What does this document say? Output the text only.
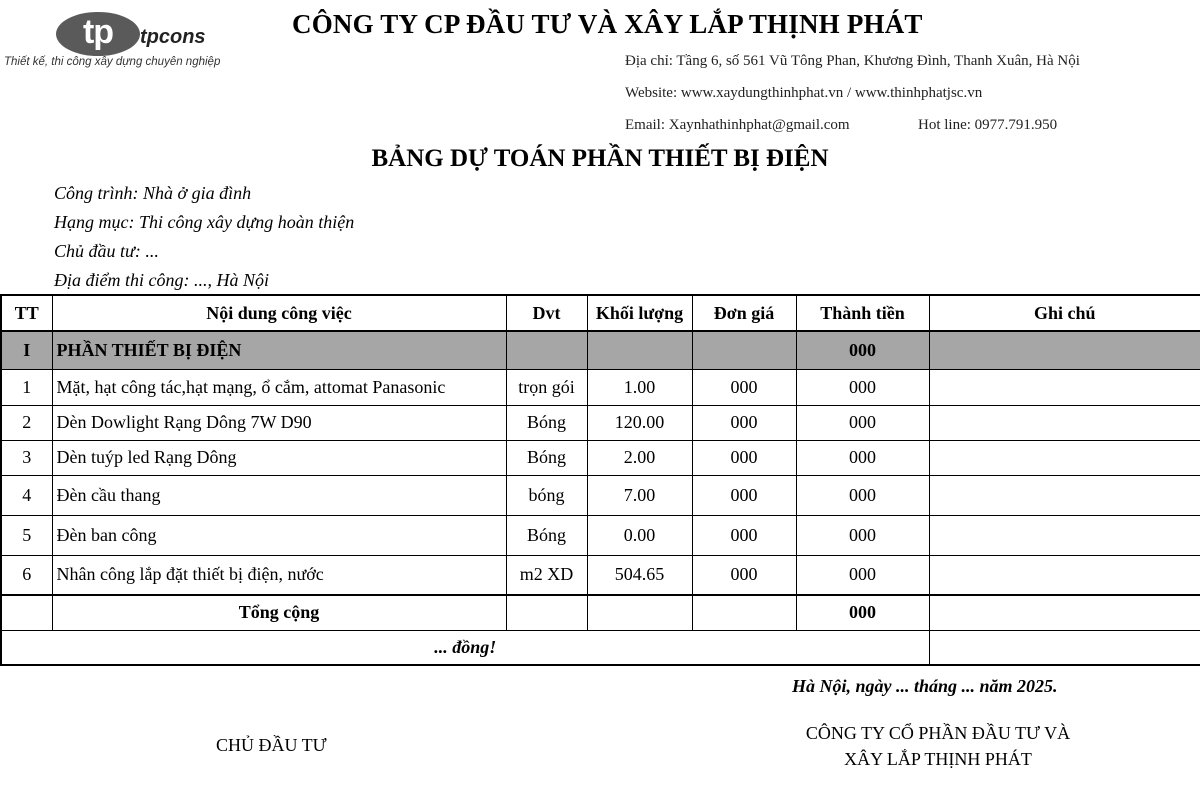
tp	tpcons
Thiết kế, thi công xây dựng chuyên nghiệp
CÔNG TY CP ĐẦU TƯ VÀ XÂY LẮP THỊNH PHÁT
Địa chỉ: Tầng 6, số 561 Vũ Tông Phan, Khương Đình, Thanh Xuân, Hà Nội
Website: www.xaydungthinhphat.vn / www.thinhphatjsc.vn
Email: Xaynhathinhphat@gmail.com	Hot line: 0977.791.950
BẢNG DỰ TOÁN PHẦN THIẾT BỊ ĐIỆN
Công trình: Nhà ở gia đình
Hạng mục: Thi công xây dựng hoàn thiện
Chủ đầu tư: ...
Địa điểm thi công: ..., Hà Nội
TT	Nội dung công việc	Dvt	Khối lượng	Đơn giá	Thành tiền	Ghi chú
I	PHẦN THIẾT BỊ ĐIỆN				000	
1	Mặt, hạt công tác,hạt mạng, ổ cắm, attomat Panasonic	trọn gói	1.00	000	000	
2	Dèn Dowlight Rạng Dông 7W D90	Bóng	120.00	000	000	
3	Dèn tuýp led Rạng Dông	Bóng	2.00	000	000	
4	Đèn cầu thang	bóng	7.00	000	000	
5	Đèn ban công	Bóng	0.00	000	000	
6	Nhân công lắp đặt thiết bị điện, nước	m2 XD	504.65	000	000	
	Tổng cộng				000	
... đồng!						
Hà Nội, ngày ... tháng ... năm 2025.
CHỦ ĐẦU TƯ
CÔNG TY CỔ PHẦN ĐẦU TƯ VÀ
XÂY LẮP THỊNH PHÁT
